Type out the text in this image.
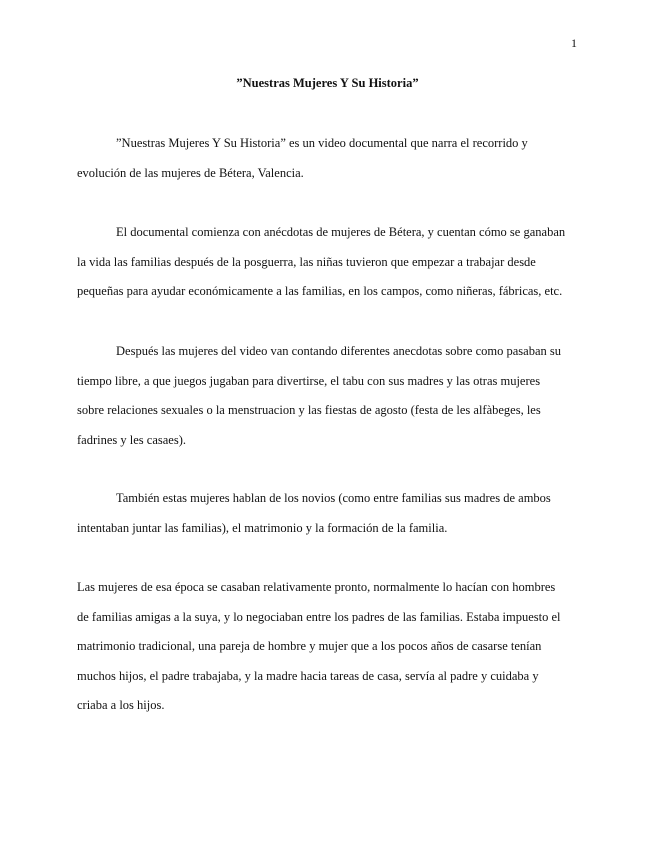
1
”Nuestras Mujeres Y Su Historia”

”Nuestras Mujeres Y Su Historia” es un video documental que narra el recorrido y
evolución de las mujeres de Bétera, Valencia.

El documental comienza con anécdotas de mujeres de Bétera, y cuentan cómo se ganaban
la vida las familias después de la posguerra, las niñas tuvieron que empezar a trabajar desde
pequeñas para ayudar económicamente a las familias, en los campos, como niñeras, fábricas, etc.

Después las mujeres del video van contando diferentes anecdotas sobre como pasaban su
tiempo libre, a que juegos jugaban para divertirse, el tabu con sus madres y las otras mujeres
sobre relaciones sexuales o la menstruacion y las fiestas de agosto (festa de les alfàbeges, les
fadrines y les casaes).

También estas mujeres hablan de los novios (como entre familias sus madres de ambos
intentaban juntar las familias), el matrimonio y la formación de la familia.

Las mujeres de esa época se casaban relativamente pronto, normalmente lo hacían con hombres
de familias amigas a la suya, y lo negociaban entre los padres de las familias. Estaba impuesto el
matrimonio tradicional, una pareja de hombre y mujer que a los pocos años de casarse tenían
muchos hijos, el padre trabajaba, y la madre hacia tareas de casa, servía al padre y cuidaba y
criaba a los hijos.
